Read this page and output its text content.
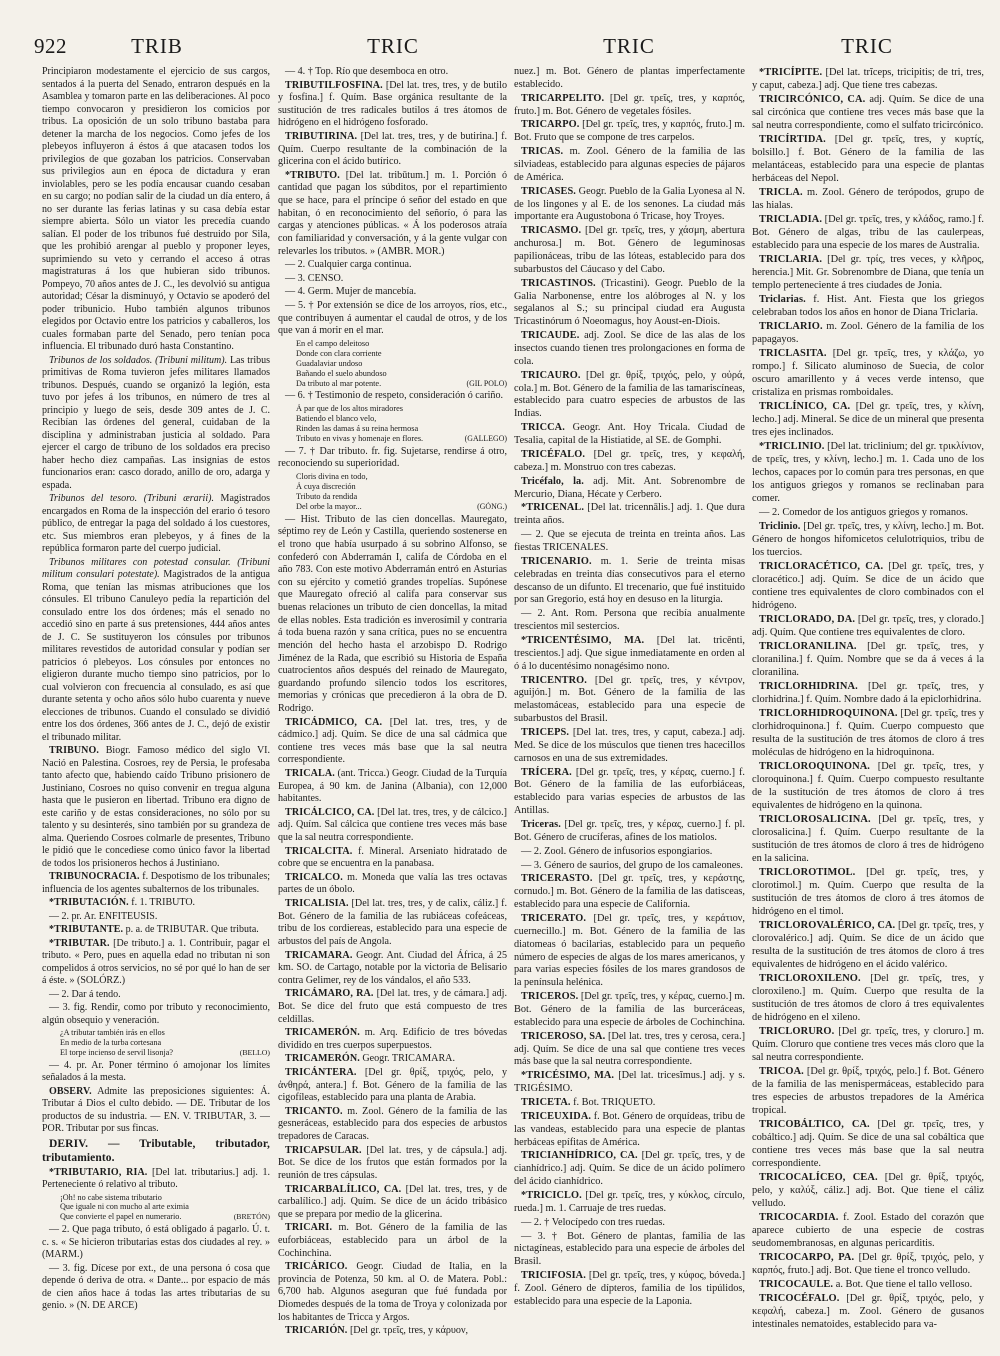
922	TRIB	TRIC	TRIC	TRIC

Principiaron modestamente el ejercicio de sus cargos, sentados á la puerta del Senado, entraron después en la Asamblea y tomaron parte en las deliberaciones. Al poco tiempo convocaron y presidieron los comicios por tribus. La oposición de un solo tribuno bastaba para detener la marcha de los negocios. Como jefes de los plebeyos influyeron á éstos á que atacasen todos los privilegios de que gozaban los patricios. Conservaban sus privilegios aun en época de dictadura y eran inviolables, pero se les podía encausar cuando cesaban en su cargo; no podían salir de la ciudad un día entero, á no ser durante las ferias latinas y su casa debía estar siempre abierta. Sólo un viator les precedía cuando salían. El poder de los tribunos fué destruido por Sila, que les prohibió arengar al pueblo y proponer leyes, suprimiendo su veto y cerrando el acceso á otras magistraturas á los que hubieran sido tribunos. Pompeyo, 70 años antes de J. C., les devolvió su antigua autoridad; César la disminuyó, y Octavio se apoderó del poder tribunicio. Hubo también algunos tribunos elegidos por Octavio entre los patricios y caballeros, los cuales formaban parte del Senado, pero tenían poca influencia. El tribunado duró hasta Constantino.

Tribunos de los soldados. (Tribuni militum). Las tribus primitivas de Roma tuvieron jefes militares llamados tribunos. Después, cuando se organizó la legión, esta tuvo por jefes á los tribunos, en número de tres al principio y luego de seis, desde 309 antes de J. C. Recibían las órdenes del general, cuidaban de la disciplina y administraban justicia al soldado. Para ejercer el cargo de tribuno de los soldados era preciso haber hecho diez campañas. Las insignias de estos funcionarios eran: casco dorado, anillo de oro, adarga y espada.

Tribunos del tesoro. (Tribuni ærarii). Magistrados encargados en Roma de la inspección del erario ó tesoro público, de entregar la paga del soldado á los cuestores, etc. Sus miembros eran plebeyos, y á fines de la república formaron parte del cuerpo judicial.

Tribunos militares con potestad consular. (Tribuni militum consulari potestate). Magistrados de la antigua Roma, que tenían las mismas atribuciones que los cónsules. El tribuno Canuleyo pedía la repartición del consulado entre los dos órdenes; más el senado no accedió sino en parte á sus pretensiones, 444 años antes de J. C. Se sustituyeron los cónsules por tribunos militares revestidos de autoridad consular y podían ser patricios ó plebeyos. Los cónsules por entonces no eligieron durante mucho tiempo sino patricios, por lo cual volvieron con frecuencia al consulado, es así que durante setenta y ocho años sólo hubo cuarenta y nueve elecciones de tribunos. Cuando el consulado se dividió entre los dos órdenes, 366 antes de J. C., dejó de existir el tribunado militar.

TRIBUNO. Biogr. Famoso médico del siglo VI. Nació en Palestina. Cosroes, rey de Persia, le profesaba tanto afecto que, habiendo caído Tribuno prisionero de Justiniano, Cosroes no quiso convenir en tregua alguna hasta que le pusieron en libertad. Tribuno era digno de este cariño y de estas consideraciones, no sólo por su talento y su desinterés, sino también por su grandeza de alma. Queriendo Cosroes colmarle de presentes, Tribuno le pidió que le concediese como único favor la libertad de todos los prisioneros hechos á Justiniano.

TRIBUNOCRACIA. f. Despotismo de los tribunales; influencia de los agentes subalternos de los tribunales.

*TRIBUTACIÓN. f. 1. TRIBUTO.

— 2. pr. Ar. ENFITEUSIS.

*TRIBUTANTE. p. a. de TRIBUTAR. Que tributa.

*TRIBUTAR. [De tributo.] a. 1. Contribuir, pagar el tributo. « Pero, pues en aquella edad no tributan ni son compelidos á otros servicios, no sé por qué lo han de ser á éste. » (SOLÓRZ.)

— 2. Dar á tendo.

— 3. fig. Rendir, como por tributo y reconocimiento, algún obsequio y veneración.

¿A tributar también irás en ellos
En medio de la turba cortesana
(BELLO)
El torpe incienso de servil lisonja?

— 4. pr. Ar. Poner término ó amojonar los límites señalados á la mesta.

OBSERV. Admite las preposiciones siguientes: Á. Tributar á Dios el culto debido. — DE. Tributar de los productos de su industria. — EN. V. TRIBUTAR, 3. — POR. Tributar por sus fincas.

DERIV. — Tributable, tributador, tributamiento.

*TRIBUTARIO, RIA. [Del lat. tributarius.] adj. 1. Perteneciente ó relativo al tributo.

¡Oh! no cabe sistema tributario
Que iguale ni con mucho al arte eximia
(BRETÓN)
Que convierte el papel en numerario.

— 2. Que paga tributo, ó está obligado á pagarlo. Ú. t. c. s. « Se hicieron tributarias estas dos ciudades al rey. » (MARM.)

— 3. fig. Dícese por ext., de una persona ó cosa que depende ó deriva de otra. « Dante... por espacio de más de cien años hace á todas las artes tributarias de su genio. » (N. DE ARCE)

— 4. † Top. Río que desemboca en otro.

TRIBUTILFOSFINA. [Del lat. tres, tres, y de butilo y fosfina.] f. Quím. Base orgánica resultante de la sustitución de tres radicales butilos á tres átomos de hidrógeno en el hidrógeno fosforado.

TRIBUTIRINA. [Del lat. tres, tres, y de butirina.] f. Quím. Cuerpo resultante de la combinación de la glicerina con el ácido butírico.

*TRIBUTO. [Del lat. tribūtum.] m. 1. Porción ó cantidad que pagan los súbditos, por el repartimiento que se hace, para el príncipe ó señor del estado en que habitan, ó en reconocimiento del señorío, ó para las cargas y atenciones públicas. « Á los poderosos atraía con familiaridad y conversación, y á la gente vulgar con relevarles los tributos. » (AMBR. MOR.)

— 2. Cualquier carga continua.

— 3. CENSO.

— 4. Germ. Mujer de mancebía.

— 5. † Por extensión se dice de los arroyos, ríos, etc., que contribuyen á aumentar el caudal de otros, y de los que van á morir en el mar.

En el campo deleitoso
Donde con clara corriente
Guadalaviar undoso
Bañando el suelo abundoso
(GIL POLO)
Da tributo al mar potente.

— 6. † Testimonio de respeto, consideración ó cariño.

Á par que de los altos miradores
Batiendo el blanco velo,
Rinden las damas á su reina hermosa
(GALLEGO)
Tributo en vivas y homenaje en flores.

— 7. † Dar tributo. fr. fig. Sujetarse, rendirse á otro, reconociendo su superioridad.

Cloris divina en todo,
Á cuya discreción
Tributo da rendida
(GÓNG.)
Del orbe la mayor...

— Hist. Tributo de las cien doncellas. Mauregato, séptimo rey de León y Castilla, queriendo sostenerse en el trono que había usurpado á su sobrino Alfonso, se confederó con Abderramán I, califa de Córdoba en el año 783. Con este motivo Abderramán entró en Asturias con su ejército y cometió grandes tropelías. Supónese que Mauregato ofreció al califa para conservar sus buenas relaciones un tributo de cien doncellas, la mitad de ellas nobles. Esta tradición es inverosímil y contraria á toda buena razón y sana crítica, pues no se encuentra mención del hecho hasta el arzobispo D. Rodrigo Jiménez de la Rada, que escribió su Historia de España cuatrocientos años después del reinado de Mauregato, guardando profundo silencio todos los escritores, memorias y crónicas que precedieron á la obra de D. Rodrigo.

TRICÁDMICO, CA. [Del lat. tres, tres, y de cádmico.] adj. Quím. Se dice de una sal cádmica que contiene tres veces más base que la sal neutra correspondiente.

TRICALA. (ant. Tricca.) Geogr. Ciudad de la Turquía Europea, á 90 km. de Janina (Albania), con 12,000 habitantes.

TRICÁLCICO, CA. [Del lat. tres, tres, y de cálcico.] adj. Quím. Sal cálcica que contiene tres veces más base que la sal neutra correspondiente.

TRICALCITA. f. Mineral. Arseniato hidratado de cobre que se encuentra en la panabasa.

TRICALCO. m. Moneda que valía las tres octavas partes de un óbolo.

TRICALISIA. [Del lat. tres, tres, y de calix, cáliz.] f. Bot. Género de la familia de las rubiáceas cofeáceas, tribu de los cordiereas, establecido para una especie de arbustos del país de Angola.

TRICAMARA. Geogr. Ant. Ciudad del África, á 25 km. SO. de Cartago, notable por la victoria de Belisario contra Gelimer, rey de los vándalos, el año 533.

TRICÁMARO, RA. [Del lat. tres, y de cámara.] adj. Bot. Se dice del fruto que está compuesto de tres celdillas.

TRICAMERÓN. m. Arq. Edificio de tres bóvedas dividido en tres cuerpos superpuestos.

TRICAMERÓN. Geogr. TRICAMARA.

TRICÁNTERA. [Del gr. θρίξ, τριχός, pelo, y ἀνθηρά, antera.] f. Bot. Género de la familia de las cigofíleas, establecido para una planta de Arabia.

TRICANTO. m. Zool. Género de la familia de las gesneráceas, establecido para dos especies de arbustos trepadores de Caracas.

TRICAPSULAR. [Del lat. tres, y de cápsula.] adj. Bot. Se dice de los frutos que están formados por la reunión de tres cápsulas.

TRICARBALÍLICO, CA. [Del lat. tres, tres, y de carbalílico.] adj. Quím. Se dice de un ácido tribásico que se prepara por medio de la glicerina.

TRICARI. m. Bot. Género de la familia de las euforbiáceas, establecido para un árbol de la Cochinchina.

TRICÁRICO. Geogr. Ciudad de Italia, en la provincia de Potenza, 50 km. al O. de Matera. Pobl.: 6,700 hab. Algunos aseguran que fué fundada por Diomedes después de la toma de Troya y colonizada por los habitantes de Tricca y Argos.

TRICARIÓN. [Del gr. τρεῖς, tres, y κάρυον,

nuez.] m. Bot. Género de plantas imperfectamente establecido.

TRICARPELITO. [Del gr. τρεῖς, tres, y καρπός, fruto.] m. Bot. Género de vegetales fósiles.

TRICARPO. [Del gr. τρεῖς, tres, y καρπός, fruto.] m. Bot. Fruto que se compone de tres carpelos.

TRICAS. m. Zool. Género de la familia de las silviadeas, establecido para algunas especies de pájaros de América.

TRICASES. Geogr. Pueblo de la Galia Lyonesa al N. de los lingones y al E. de los senones. La ciudad más importante era Augustobona ó Tricase, hoy Troyes.

TRICASMO. [Del gr. τρεῖς, tres, y χάσμη, abertura anchurosa.] m. Bot. Género de leguminosas papilionáceas, tribu de las lóteas, establecido para dos subarbustos del Cáucaso y del Cabo.

TRICASTINOS. (Tricastini). Geogr. Pueblo de la Galia Narbonense, entre los alóbroges al N. y los segalanos al S.; su principal ciudad era Augusta Tricastinórum ó Noeomagus, hoy Aoust-en-Diois.

TRICAUDE. adj. Zool. Se dice de las alas de los insectos cuando tienen tres prolongaciones en forma de cola.

TRICAURO. [Del gr. θρίξ, τριχός, pelo, y οὐρά, cola.] m. Bot. Género de la familia de las tamariscíneas, establecido para cuatro especies de arbustos de las Indias.

TRICCA. Geogr. Ant. Hoy Tricala. Ciudad de Tesalia, capital de la Histiatide, al SE. de Gomphi.

TRICÉFALO. [Del gr. τρεῖς, tres, y κεφαλή, cabeza.] m. Monstruo con tres cabezas.

Tricéfalo, la. adj. Mit. Ant. Sobrenombre de Mercurio, Diana, Hécate y Cerbero.

*TRICENAL. [Del lat. tricennālis.] adj. 1. Que dura treinta años.

— 2. Que se ejecuta de treinta en treinta años. Las fiestas TRICENALES.

TRICENARIO. m. 1. Serie de treinta misas celebradas en treinta días consecutivos para el eterno descanso de un difunto. El trecenario, que fué instituido por san Gregorio, está hoy en desuso en la liturgia.

— 2. Ant. Rom. Persona que recibía anualmente trescientos mil sestercios.

*TRICENTÉSIMO, MA. [Del lat. tricēnti, trescientos.] adj. Que sigue inmediatamente en orden al ó á lo ducentésimo nonagésimo nono.

TRICENTRO. [Del gr. τρεῖς, tres, y κέντρον, aguijón.] m. Bot. Género de la familia de las melastomáceas, establecido para una especie de subarbustos del Brasil.

TRICEPS. [Del lat. tres, tres, y caput, cabeza.] adj. Med. Se dice de los músculos que tienen tres hacecillos carnosos en una de sus extremidades.

TRÍCERA. [Del gr. τρεῖς, tres, y κέρας, cuerno.] f. Bot. Género de la familia de las euforbiáceas, establecido para varias especies de arbustos de las Antillas.

Triceras. [Del gr. τρεῖς, tres, y κέρας, cuerno.] f. pl. Bot. Género de crucíferas, afines de los matiolos.

— 2. Zool. Género de infusorios espongiarios.

— 3. Género de saurios, del grupo de los camaleones.

TRICERASTO. [Del gr. τρεῖς, tres, y κεράστης, cornudo.] m. Bot. Género de la familia de las datisceas, establecido para una especie de California.

TRICERATO. [Del gr. τρεῖς, tres, y κεράτιον, cuernecillo.] m. Bot. Género de la familia de las diatomeas ó bacilarias, establecido para un pequeño número de especies de algas de los mares americanos, y para varias especies fósiles de los mares grandosos de la península helénica.

TRICEROS. [Del gr. τρεῖς, tres, y κέρας, cuerno.] m. Bot. Género de la familia de las burceráceas, establecido para una especie de árboles de Cochinchina.

TRICEROSO, SA. [Del lat. tres, tres y cerosa, cera.] adj. Quím. Se dice de una sal que contiene tres veces más base que la sal neutra correspondiente.

*TRICÉSIMO, MA. [Del lat. tricesĭmus.] adj. y s. TRIGÉSIMO.

TRICETA. f. Bot. TRIQUETO.

TRICEUXIDA. f. Bot. Género de orquídeas, tribu de las vandeas, establecido para una especie de plantas herbáceas epífitas de América.

TRICIANHÍDRICO, CA. [Del gr. τρεῖς, tres, y de cianhídrico.] adj. Quím. Se dice de un ácido polímero del ácido cianhídrico.

*TRICICLO. [Del gr. τρεῖς, tres, y κύκλος, círculo, rueda.] m. 1. Carruaje de tres ruedas.

— 2. † Velocípedo con tres ruedas.

— 3. † Bot. Género de plantas, familia de las nictagíneas, establecido para una especie de árboles del Brasil.

TRICIFOSIA. [Del gr. τρεῖς, tres, y κύφος, bóveda.] f. Zool. Género de dípteros, familia de los tipúlidos, establecido para una especie de la Laponia.

*TRICÍPITE. [Del lat. trĭceps, tricipitis; de tri, tres, y caput, cabeza.] adj. Que tiene tres cabezas.

TRICIRCÓNICO, CA. adj. Quím. Se dice de una sal circónica que contiene tres veces más base que la sal neutra correspondiente, como el sulfato tricircónico.

TRICÍRTIDA. [Del gr. τρεῖς, tres, y κυρτίς, bolsillo.] f. Bot. Género de la familia de las melantáceas, establecido para una especie de plantas herbáceas del Nepol.

TRICLA. m. Zool. Género de terópodos, grupo de las hialas.

TRICLADIA. [Del gr. τρεῖς, tres, y κλάδος, ramo.] f. Bot. Género de algas, tribu de las caulerpeas, establecido para una especie de los mares de Australia.

TRICLARIA. [Del gr. τρίς, tres veces, y κλῆρος, herencia.] Mit. Gr. Sobrenombre de Diana, que tenía un templo perteneciente á tres ciudades de Jonia.

Triclarias. f. Hist. Ant. Fiesta que los griegos celebraban todos los años en honor de Diana Triclaria.

TRICLARIO. m. Zool. Género de la familia de los papagayos.

TRICLASITA. [Del gr. τρεῖς, tres, y κλάζω, yo rompo.] f. Silicato aluminoso de Suecia, de color oscuro amarillento y á veces verde intenso, que cristaliza en prismas romboidales.

TRICLÍNICO, CA. [Del gr. τρεῖς, tres, y κλίνη, lecho.] adj. Mineral. Se dice de un mineral que presenta tres ejes inclinados.

*TRICLINIO. [Del lat. triclinium; del gr. τρικλίνιον, de τρεῖς, tres, y κλίνη, lecho.] m. 1. Cada uno de los lechos, capaces por lo común para tres personas, en que los antiguos griegos y romanos se reclinaban para comer.

— 2. Comedor de los antiguos griegos y romanos.

Triclinio. [Del gr. τρεῖς, tres, y κλίνη, lecho.] m. Bot. Género de hongos hifomicetos celulotriquios, tribu de los tuercios.

TRICLORACÉTICO, CA. [Del gr. τρεῖς, tres, y cloracético.] adj. Quím. Se dice de un ácido que contiene tres equivalentes de cloro combinados con el hidrógeno.

TRICLORADO, DA. [Del gr. τρεῖς, tres, y clorado.] adj. Quím. Que contiene tres equivalentes de cloro.

TRICLORANILINA. [Del gr. τρεῖς, tres, y cloranilina.] f. Quím. Nombre que se da á veces á la cloranilina.

TRICLORHIDRINA. [Del gr. τρεῖς, tres, y clorhidrina.] f. Quím. Nombre dado á la epiclorhidrina.

TRICLORHIDROQUINONA. [Del gr. τρεῖς, tres y clorhidroquinona.] f. Quím. Cuerpo compuesto que resulta de la sustitución de tres átomos de cloro á tres moléculas de hidrógeno en la hidroquinona.

TRICLOROQUINONA. [Del gr. τρεῖς, tres, y cloroquinona.] f. Quím. Cuerpo compuesto resultante de la sustitución de tres átomos de cloro á tres equivalentes de hidrógeno en la quinona.

TRICLOROSALICINA. [Del gr. τρεῖς, tres, y clorosalicina.] f. Quím. Cuerpo resultante de la sustitución de tres átomos de cloro á tres de hidrógeno en la salicina.

TRICLOROTIMOL. [Del gr. τρεῖς, tres, y clorotimol.] m. Quím. Cuerpo que resulta de la sustitución de tres átomos de cloro á tres átomos de hidrógeno en el timol.

TRICLOROVALÉRICO, CA. [Del gr. τρεῖς, tres, y clorovalérico.] adj. Quím. Se dice de un ácido que resulta de la sustitución de tres átomos de cloro á tres equivalentes de hidrógeno en el ácido valérico.

TRICLOROXILENO. [Del gr. τρεῖς, tres, y cloroxileno.] m. Quím. Cuerpo que resulta de la sustitución de tres átomos de cloro á tres equivalentes de hidrógeno en el xileno.

TRICLORURO. [Del gr. τρεῖς, tres, y cloruro.] m. Quím. Cloruro que contiene tres veces más cloro que la sal neutra correspondiente.

TRICOA. [Del gr. θρίξ, τριχός, pelo.] f. Bot. Género de la familia de las menispermáceas, establecido para tres especies de arbustos trepadores de la América tropical.

TRICOBÁLTICO, CA. [Del gr. τρεῖς, tres, y cobáltico.] adj. Quím. Se dice de una sal cobáltica que contiene tres veces más base que la sal neutra correspondiente.

TRICOCALÍCEO, CEA. [Del gr. θρίξ, τριχός, pelo, y καλύξ, cáliz.] adj. Bot. Que tiene el cáliz velludo.

TRICOCARDIA. f. Zool. Estado del corazón que aparece cubierto de una especie de costras seudomembranosas, en algunas pericarditis.

TRICOCARPO, PA. [Del gr. θρίξ, τριχός, pelo, y καρπός, fruto.] adj. Bot. Que tiene el tronco velludo.

TRICOCAULE. a. Bot. Que tiene el tallo velloso.

TRICOCÉFALO. [Del gr. θρίξ, τριχός, pelo, y κεφαλή, cabeza.] m. Zool. Género de gusanos intestinales nematoides, establecido para va-
